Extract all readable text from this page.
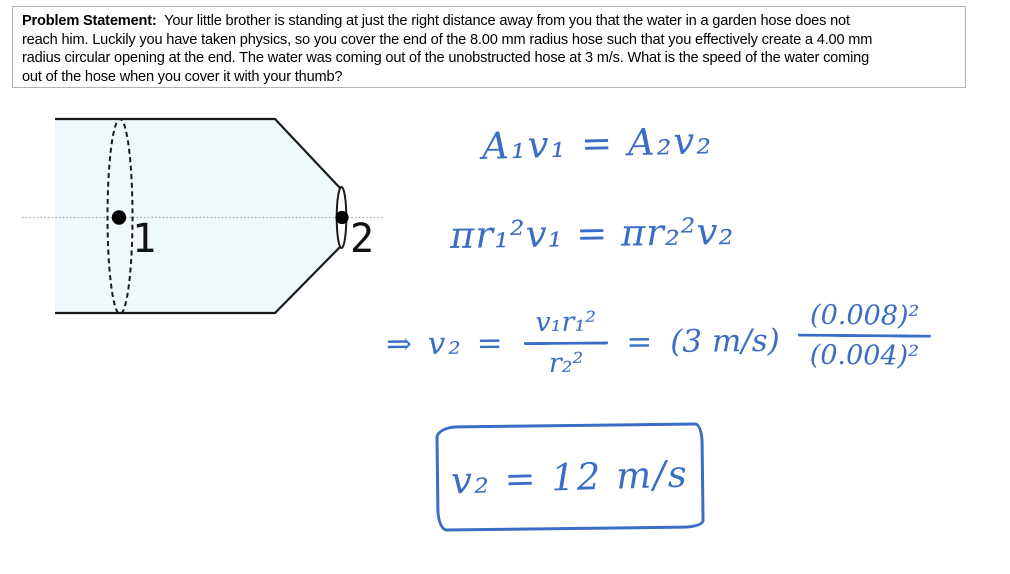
Problem Statement: Your little brother is standing at just the right distance away from you that the water in a garden hose does not
reach him. Luckily you have taken physics, so you cover the end of the 8.00 mm radius hose such that you effectively create a 4.00 mm
radius circular opening at the end. The water was coming out of the unobstructed hose at 3 m/s. What is the speed of the water coming
out of the hose when you cover it with your thumb?
1	2
A₁v₁ = A₂v₂
πr₁²v₁ = πr₂²v₂
⇒ $v_2 = \frac{\text{v₁r₁²}}{\text{r₂²}} = (3$ $m/s) \frac{\text{(0.008)²}}{\text{(0.004)²}}$
v₂ = 12 m/s
